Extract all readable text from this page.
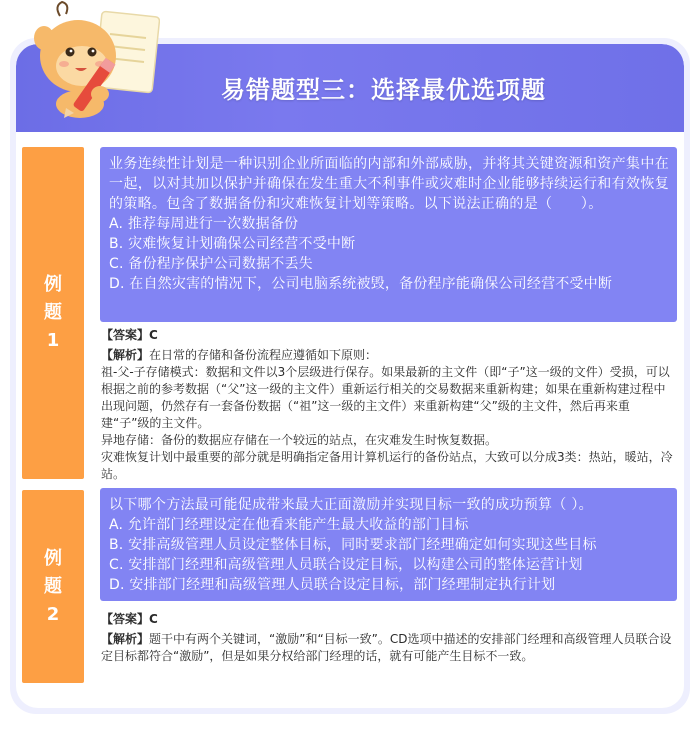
易错题型三：选择最优选项题
例
题
1

业务连续性计划是一种识别企业所面临的内部和外部威胁，并将其关键资源和资产集中在一起，以对其加以保护并确保在发生重大不利事件或灾难时企业能够持续运行和有效恢复的策略。包含了数据备份和灾难恢复计划等策略。以下说法正确的是（　　）。

A. 推荐每周进行一次数据备份

B. 灾难恢复计划确保公司经营不受中断

C. 备份程序保护公司数据不丢失

D. 在自然灾害的情况下，公司电脑系统被毁，备份程序能确保公司经营不受中断

【答案】C

【解析】在日常的存储和备份流程应遵循如下原则：

祖-父-子存储模式：数据和文件以3个层级进行保存。如果最新的主文件（即“子”这一级的文件）受损，可以根据之前的参考数据（“父”这一级的主文件）重新运行相关的交易数据来重新构建；如果在重新构建过程中出现问题，仍然存有一套备份数据（“祖”这一级的主文件）来重新构建“父”级的主文件，然后再来重建“子”级的主文件。

异地存储：备份的数据应存储在一个较远的站点，在灾难发生时恢复数据。

灾难恢复计划中最重要的部分就是明确指定备用计算机运行的备份站点，大致可以分成3类：热站，暖站，冷站。

例
题
2

以下哪个方法最可能促成带来最大正面激励并实现目标一致的成功预算（ ）。

A. 允许部门经理设定在他看来能产生最大收益的部门目标

B. 安排高级管理人员设定整体目标，同时要求部门经理确定如何实现这些目标

C. 安排部门经理和高级管理人员联合设定目标，以构建公司的整体运营计划

D. 安排部门经理和高级管理人员联合设定目标，部门经理制定执行计划

【答案】C

【解析】题干中有两个关键词，“激励”和“目标一致”。CD选项中描述的安排部门经理和高级管理人员联合设定目标都符合“激励”，但是如果分权给部门经理的话，就有可能产生目标不一致。
